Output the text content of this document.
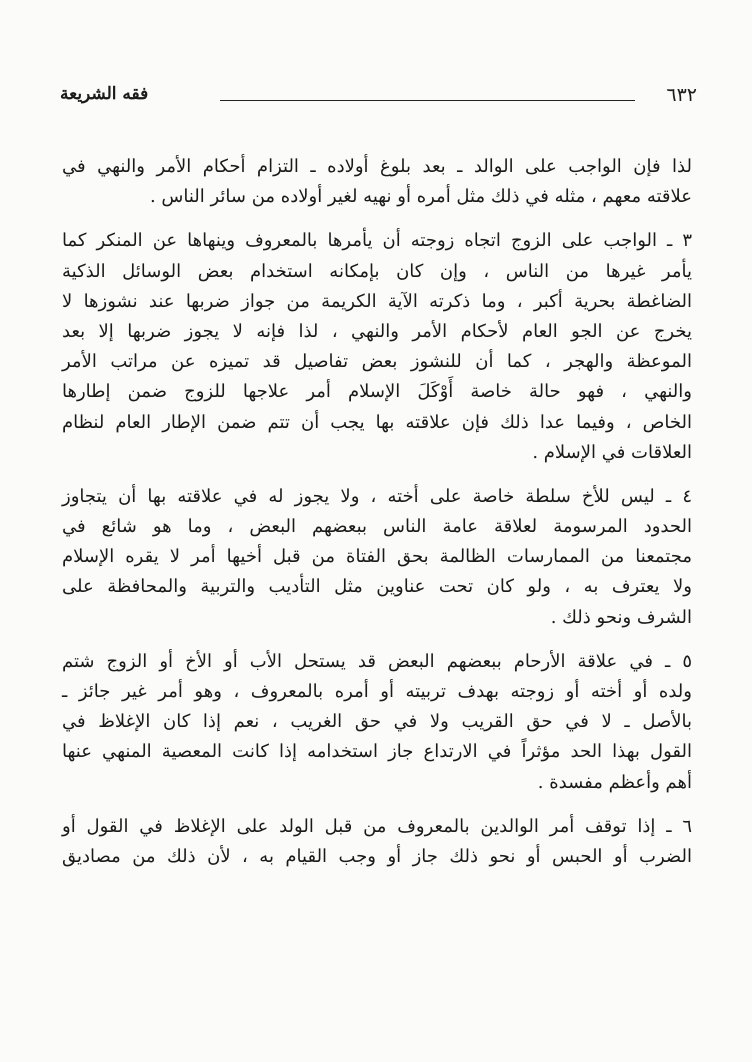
٦٣٢
فقه الشريعة
لذا فإن الواجب على الوالد ـ بعد بلوغ أولاده ـ التزام أحكام الأمر والنهي في
علاقته معهم ، مثله في ذلك مثل أمره أو نهيه لغير أولاده من سائر الناس .
٣ ـ الواجب على الزوج اتجاه زوجته أن يأمرها بالمعروف وينهاها عن المنكر كما
يأمر غيرها من الناس ، وإن كان بإمكانه استخدام بعض الوسائل الذكية
الضاغطة بحرية أكبر ، وما ذكرته الآية الكريمة من جواز ضربها عند نشوزها لا
يخرج عن الجو العام لأحكام الأمر والنهي ، لذا فإنه لا يجوز ضربها إلا بعد
الموعظة والهجر ، كما أن للنشوز بعض تفاصيل قد تميزه عن مراتب الأمر
والنهي ، فهو حالة خاصة أَوْكَلَ الإسلام أمر علاجها للزوج ضمن إطارها
الخاص ، وفيما عدا ذلك فإن علاقته بها يجب أن تتم ضمن الإطار العام لنظام
العلاقات في الإسلام .
٤ ـ ليس للأخ سلطة خاصة على أخته ، ولا يجوز له في علاقته بها أن يتجاوز
الحدود المرسومة لعلاقة عامة الناس ببعضهم البعض ، وما هو شائع في
مجتمعنا من الممارسات الظالمة بحق الفتاة من قبل أخيها أمر لا يقره الإسلام
ولا يعترف به ، ولو كان تحت عناوين مثل التأديب والتربية والمحافظة على
الشرف ونحو ذلك .
٥ ـ في علاقة الأرحام ببعضهم البعض قد يستحل الأب أو الأخ أو الزوج شتم
ولده أو أخته أو زوجته بهدف تربيته أو أمره بالمعروف ، وهو أمر غير جائز ـ
بالأصل ـ لا في حق القريب ولا في حق الغريب ، نعم إذا كان الإغلاظ في
القول بهذا الحد مؤثراً في الارتداع جاز استخدامه إذا كانت المعصية المنهي عنها
أهم وأعظم مفسدة .
٦ ـ إذا توقف أمر الوالدين بالمعروف من قبل الولد على الإغلاظ في القول أو
الضرب أو الحبس أو نحو ذلك جاز أو وجب القيام به ، لأن ذلك من مصاديق
